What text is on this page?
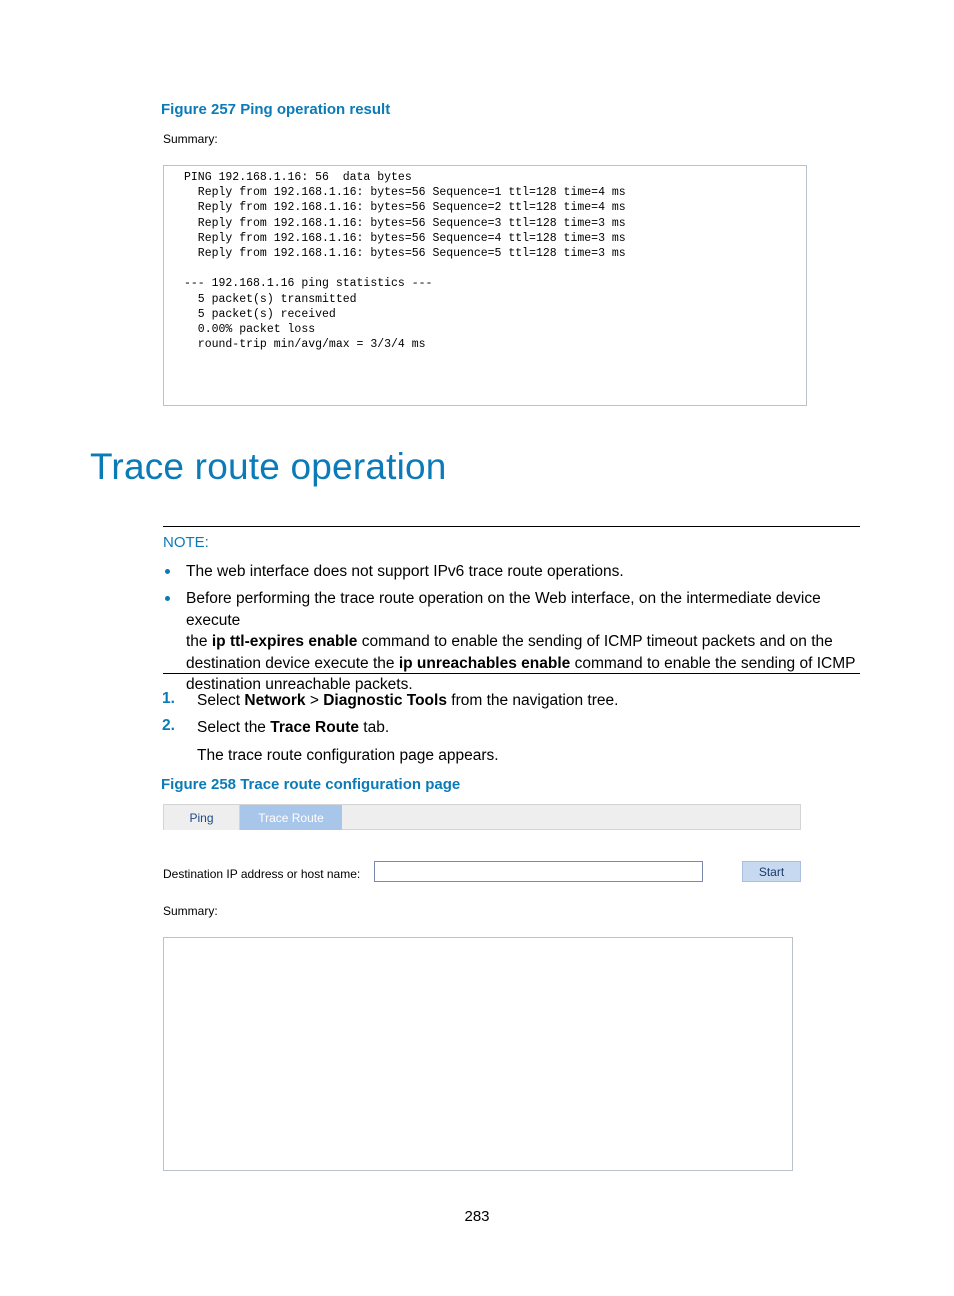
Figure 257 Ping operation result
Summary:
PING 192.168.1.16: 56  data bytes
Reply from 192.168.1.16: bytes=56 Sequence=1 ttl=128 time=4 ms
Reply from 192.168.1.16: bytes=56 Sequence=2 ttl=128 time=4 ms
Reply from 192.168.1.16: bytes=56 Sequence=3 ttl=128 time=3 ms
Reply from 192.168.1.16: bytes=56 Sequence=4 ttl=128 time=3 ms
Reply from 192.168.1.16: bytes=56 Sequence=5 ttl=128 time=3 ms

--- 192.168.1.16 ping statistics ---
5 packet(s) transmitted
5 packet(s) received
0.00% packet loss
round-trip min/avg/max = 3/3/4 ms
Trace route operation
NOTE:
The web interface does not support IPv6 trace route operations.
Before performing the trace route operation on the Web interface, on the intermediate device execute
the ip ttl-expires enable command to enable the sending of ICMP timeout packets and on the
destination device execute the ip unreachables enable command to enable the sending of ICMP
destination unreachable packets.
1. Select Network > Diagnostic Tools from the navigation tree.
2. Select the Trace Route tab.
The trace route configuration page appears.
Figure 258 Trace route configuration page
Ping	Trace Route
Destination IP address or host name:	Start
Summary:
283
